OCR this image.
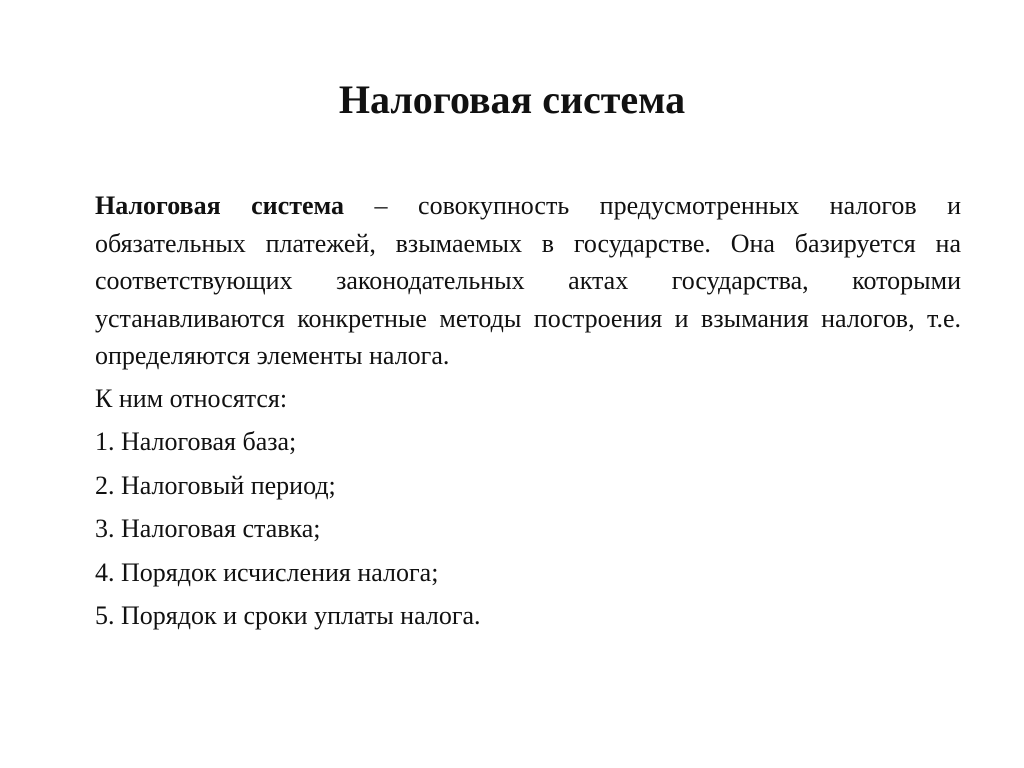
Налоговая система

Налоговая система – совокупность предусмотренных налогов и обязательных платежей, взымаемых в государстве. Она базируется на соответствующих законодательных актах государства, которыми устанавливаются конкретные методы построения и взымания налогов, т.е. определяются элементы налога.

К ним относятся:

1. Налоговая база;
2. Налоговый период;
3. Налоговая ставка;
4. Порядок исчисления налога;
5. Порядок и сроки уплаты налога.
